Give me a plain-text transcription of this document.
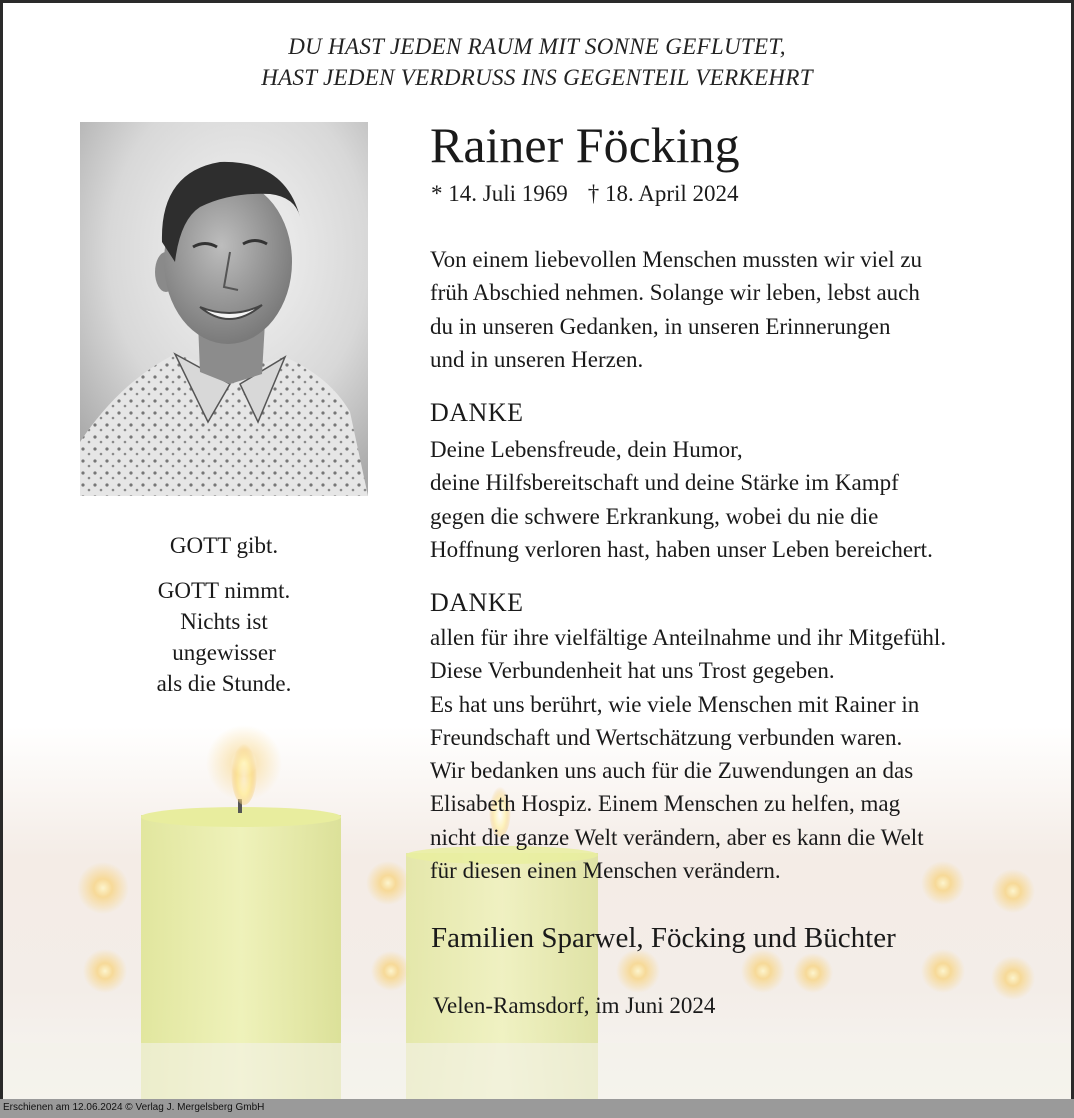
DU HAST JEDEN RAUM MIT SONNE GEFLUTET,
HAST JEDEN VERDRUSS INS GEGENTEIL VERKEHRT
GOTT gibt.
GOTT nimmt.
Nichts ist
ungewisser
als die Stunde.
Rainer Föcking
* 14. Juli 1969 † 18. April 2024
Von einem liebevollen Menschen mussten wir viel zu
früh Abschied nehmen. Solange wir leben, lebst auch
du in unseren Gedanken, in unseren Erinnerungen
und in unseren Herzen.
DANKE
Deine Lebensfreude, dein Humor,
deine Hilfsbereitschaft und deine Stärke im Kampf
gegen die schwere Erkrankung, wobei du nie die
Hoffnung verloren hast, haben unser Leben bereichert.
DANKE
allen für ihre vielfältige Anteilnahme und ihr Mitgefühl.
Diese Verbundenheit hat uns Trost gegeben.
Es hat uns berührt, wie viele Menschen mit Rainer in
Freundschaft und Wertschätzung verbunden waren.
Wir bedanken uns auch für die Zuwendungen an das
Elisabeth Hospiz. Einem Menschen zu helfen, mag
nicht die ganze Welt verändern, aber es kann die Welt
für diesen einen Menschen verändern.
Familien Sparwel, Föcking und Büchter
Velen-Ramsdorf, im Juni 2024
Erschienen am 12.06.2024 © Verlag J. Mergelsberg GmbH
